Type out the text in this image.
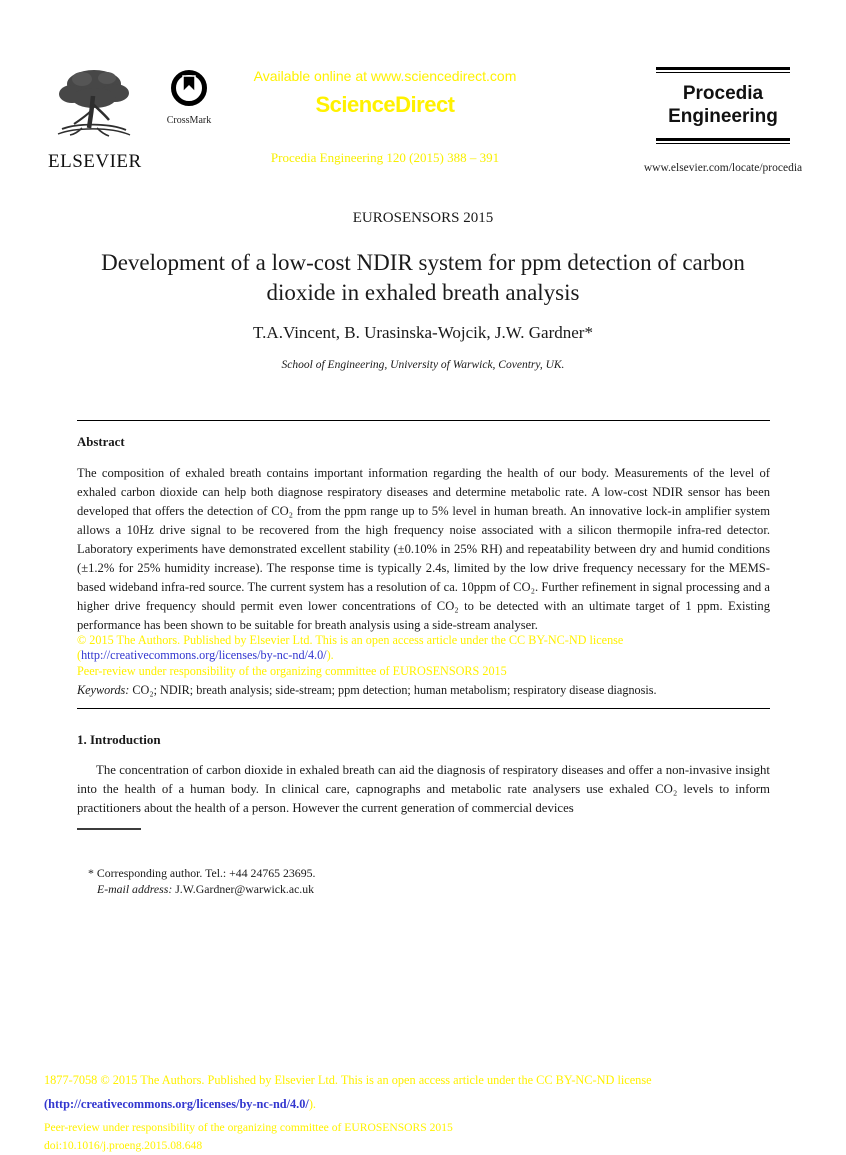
ELSEVIER
CrossMark
Available online at www.sciencedirect.com
ScienceDirect
Procedia Engineering 120 (2015) 388 – 391
Procedia
Engineering
www.elsevier.com/locate/procedia
EUROSENSORS 2015
Development of a low-cost NDIR system for ppm detection of carbon dioxide in exhaled breath analysis
T.A.Vincent, B. Urasinska-Wojcik, J.W. Gardner*
School of Engineering, University of Warwick, Coventry, UK.
Abstract
The composition of exhaled breath contains important information regarding the health of our body. Measurements of the level of exhaled carbon dioxide can help both diagnose respiratory diseases and determine metabolic rate. A low-cost NDIR sensor has been developed that offers the detection of CO₂ from the ppm range up to 5% level in human breath. An innovative lock-in amplifier system allows a 10Hz drive signal to be recovered from the high frequency noise associated with a silicon thermopile infra-red detector. Laboratory experiments have demonstrated excellent stability (±0.10% in 25% RH) and repeatability between dry and humid conditions (±1.2% for 25% humidity increase). The response time is typically 2.4s, limited by the low drive frequency necessary for the MEMS-based wideband infra-red source. The current system has a resolution of ca. 10ppm of CO₂. Further refinement in signal processing and a higher drive frequency should permit even lower concentrations of CO₂ to be detected with an ultimate target of 1 ppm. Existing performance has been shown to be suitable for breath analysis using a side-stream analyser.
© 2015 The Authors. Published by Elsevier Ltd. This is an open access article under the CC BY-NC-ND license
(http://creativecommons.org/licenses/by-nc-nd/4.0/).
Peer-review under responsibility of the organizing committee of EUROSENSORS 2015
Keywords: CO₂; NDIR; breath analysis; side-stream; ppm detection; human metabolism; respiratory disease diagnosis.
1. Introduction
The concentration of carbon dioxide in exhaled breath can aid the diagnosis of respiratory diseases and offer a non-invasive insight into the health of a human body. In clinical care, capnographs and metabolic rate analysers use exhaled CO₂ levels to inform practitioners about the health of a person. However the current generation of commercial devices
* Corresponding author. Tel.: +44 24765 23695.
E-mail address: J.W.Gardner@warwick.ac.uk
1877-7058 © 2015 The Authors. Published by Elsevier Ltd. This is an open access article under the CC BY-NC-ND license
(http://creativecommons.org/licenses/by-nc-nd/4.0/).
Peer-review under responsibility of the organizing committee of EUROSENSORS 2015
doi:10.1016/j.proeng.2015.08.648
